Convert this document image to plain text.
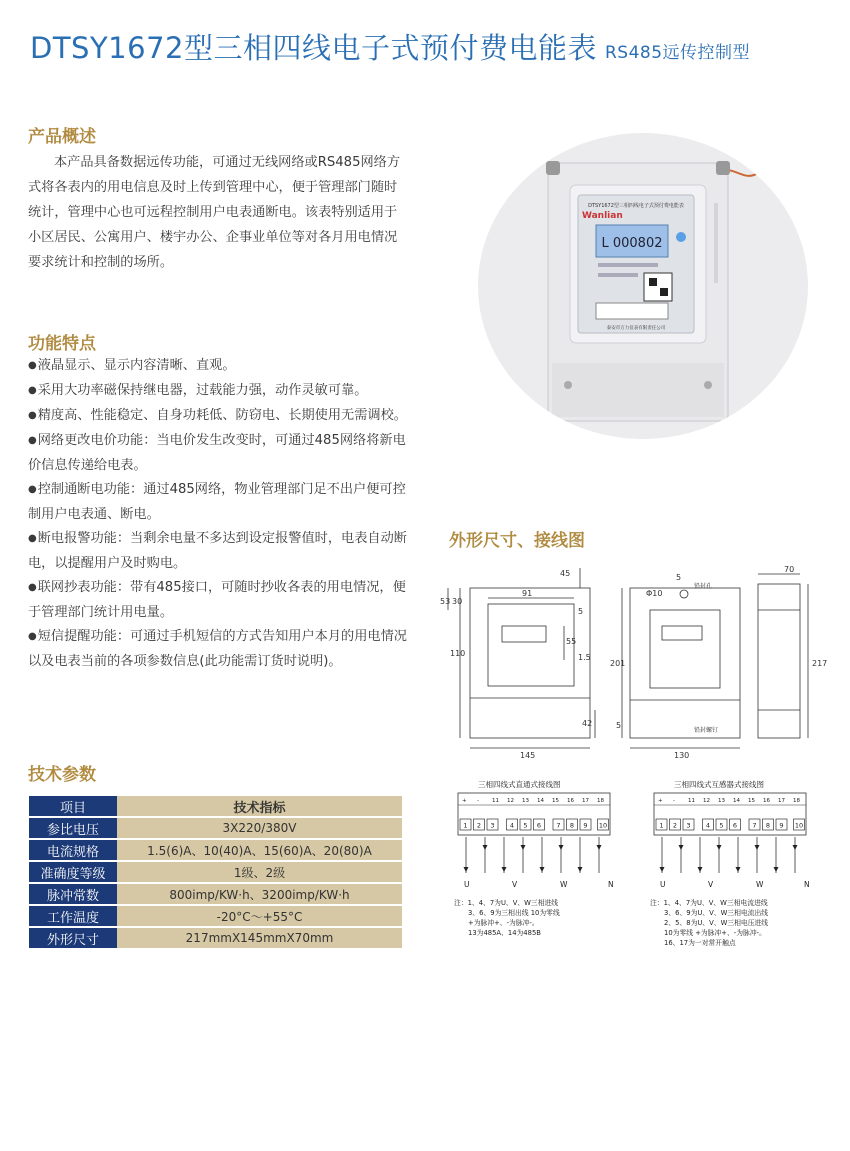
DTSY1672型三相四线电子式预付费电能表 RS485远传控制型
产品概述
本产品具备数据远传功能，可通过无线网络或RS485网络方式将各表内的用电信息及时上传到管理中心，便于管理部门随时统计，管理中心也可远程控制用户电表通断电。该表特别适用于小区居民、公寓用户、楼宇办公、企事业单位等对各月用电情况要求统计和控制的场所。
功能特点
● 液晶显示、显示内容清晰、直观。
● 采用大功率磁保持继电器，过载能力强，动作灵敏可靠。
● 精度高、性能稳定、自身功耗低、防窃电、长期使用无需调校。
● 网络更改电价功能：当电价发生改变时，可通过485网络将新电价信息传递给电表。
● 控制通断电功能：通过485网络，物业管理部门足不出户便可控制用户电表通、断电。
● 断电报警功能：当剩余电量不多达到设定报警值时，电表自动断电，以提醒用户及时购电。
● 联网抄表功能：带有485接口，可随时抄收各表的用电情况，便于管理部门统计用电量。
● 短信提醒功能：可通过手机短信的方式告知用户本月的用电情况以及电表当前的各项参数信息(此功能需订货时说明)。
技术参数
项目	技术指标
参比电压	3X220/380V
电流规格	1.5(6)A、10(40)A、15(60)A、20(80)A
准确度等级	1级、2级
脉冲常数	800imp/KW·h、3200imp/KW·h
工作温度	-20°C～+55°C
外形尺寸	217mmX145mmX70mm
DTSY1672型三相四线电子式预付费电能表
Wanlian
L 000802
泰安市万力仪表有限责任公司
外形尺寸、接线图
45
53 30
91
5
55
110	1.5
42
145
5
Φ10
铅封孔
201
5
铅封螺钉
130
70
217
三相四线式直通式接线图
+ - 11 12 13 14 15 16 17 18
1 2 3 4 5 6 7 8 9 10
U	V	W	N
注：1、4、7为U、V、W三相进线
3、6、9为三相出线 10为零线
+为脉冲+、-为脉冲-。
13为485A、14为485B
三相四线式互感器式接线图
+ - 11 12 13 14 15 16 17 18
1 2 3 4 5 6 7 8 9 10
U	V	W	N
注：1、4、7为U、V、W三相电流进线
3、6、9为U、V、W三相电流出线
2、5、8为U、V、W三相电压进线
10为零线 +为脉冲+、-为脉冲-。
16、17为一对常开触点
